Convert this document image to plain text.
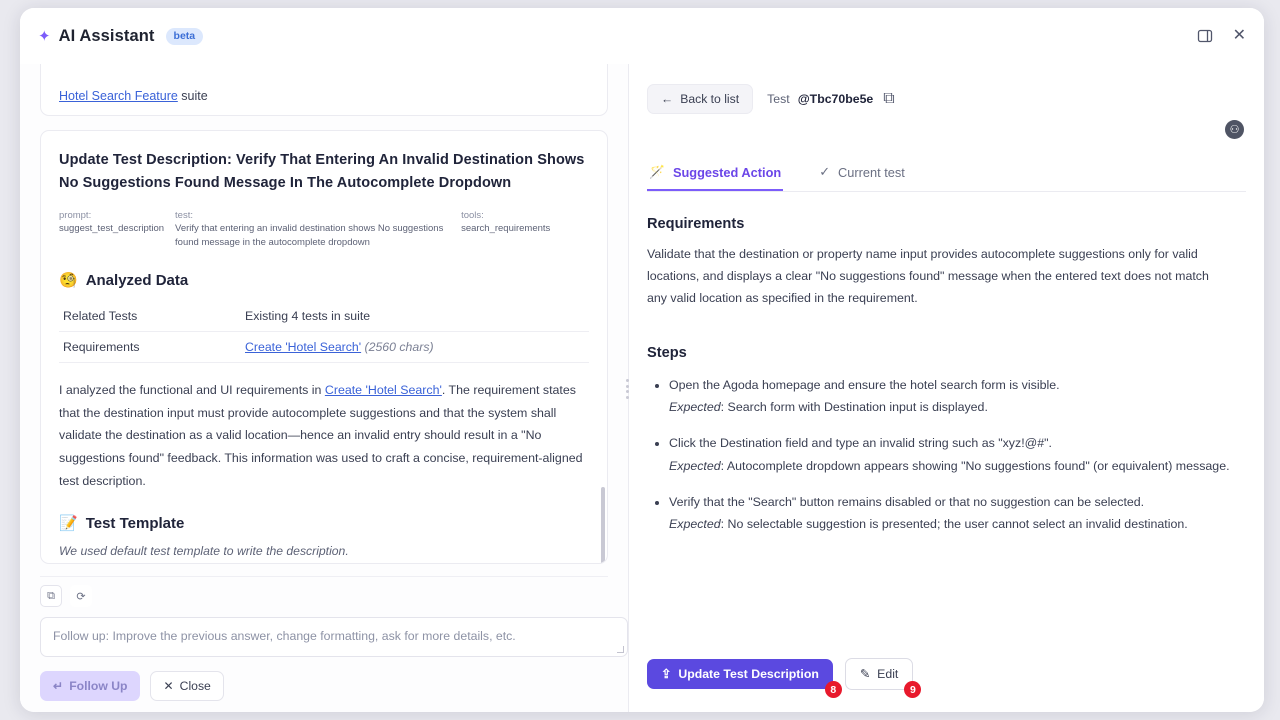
✦ AI Assistant	beta	✕
Hotel Search Feature suite
Update Test Description: Verify That Entering An Invalid Destination Shows No Suggestions Found Message In The Autocomplete Dropdown
prompt:
suggest_test_description
test:
Verify that entering an invalid destination shows No suggestions found message in the autocomplete dropdown
tools:
search_requirements
🧐 Analyzed Data
Related Tests	Existing 4 tests in suite
Requirements	Create 'Hotel Search' (2560 chars)
I analyzed the functional and UI requirements in Create 'Hotel Search'. The requirement states that the destination input must provide autocomplete suggestions and that the system shall validate the destination as a valid location—hence an invalid entry should result in a "No suggestions found" feedback. This information was used to craft a concise, requirement-aligned test description.
📝 Test Template
We used default test template to write the description.
⧉	⟳
Follow up: Improve the previous answer, change formatting, ask for more details, etc.
↵ Follow Up	✕ Close
← Back to list Test @Tbc70be5e ⧉
⚇
🪄 Suggested Action	✓ Current test
Requirements
Validate that the destination or property name input provides autocomplete suggestions only for valid locations, and displays a clear "No suggestions found" message when the entered text does not match any valid location as specified in the requirement.
Steps
• Open the Agoda homepage and ensure the hotel search form is visible.
Expected: Search form with Destination input is displayed.
• Click the Destination field and type an invalid string such as "xyz!@#".
Expected: Autocomplete dropdown appears showing "No suggestions found" (or equivalent) message.
• Verify that the "Search" button remains disabled or that no suggestion can be selected.
Expected: No selectable suggestion is presented; the user cannot select an invalid destination.
⇪ Update Test Description
8
✎ Edit
9
